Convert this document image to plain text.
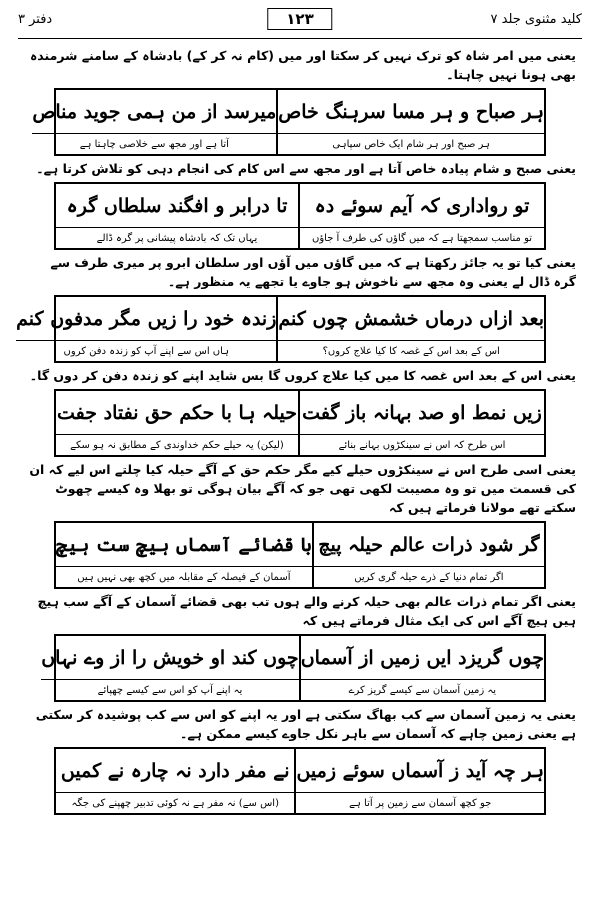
کلید مثنوی جلد ۷
۱۲۳
دفتر ۳

یعنی میں امر شاہ کو ترک نہیں کر سکتا اور میں (کام نہ کر کے) بادشاہ کے سامنے شرمندہ بھی ہونا نہیں چاہتا۔

ہر صباح و ہر مسا سرہنگ خاص
ہر صبح اور ہر شام ایک خاص سپاہی
میرسد از من ہمی جوید مناص
آتا ہے اور مجھ سے خلاصی چاہتا ہے

یعنی صبح و شام پیادہ خاص آتا ہے اور مجھ سے اس کام کی انجام دہی کو تلاش کرتا ہے۔

تو رواداری کہ آیم سوئے دہ
تو مناسب سمجھتا ہے کہ میں گاؤں کی طرف آ جاؤں
تا درابر و افگند سلطاں گرہ
یہاں تک کہ بادشاہ پیشانی پر گرہ ڈالے

یعنی کیا تو یہ جائز رکھتا ہے کہ میں گاؤں میں آؤں اور سلطان ابرو پر میری طرف سے گرہ ڈال لے یعنی وہ مجھ سے ناخوش ہو جاوے یا تجھے یہ منظور ہے۔

بعد ازاں درماں خشمش چوں کنم
اس کے بعد اس کے غصہ کا کیا علاج کروں؟
زندہ خود را زیں مگر مدفوں کنم
ہاں اس سے اپنے آپ کو زندہ دفن کروں

یعنی اس کے بعد اس غصہ کا میں کیا علاج کروں گا بس شاید اپنے کو زندہ دفن کر دوں گا۔

زیں نمط او صد بہانہ باز گفت
اس طرح کہ اس نے سینکڑوں بہانے بنائے
حیلہ ہا با حکم حق نفتاد جفت
(لیکن) یہ حیلے حکم خداوندی کے مطابق نہ ہو سکے

یعنی اسی طرح اس نے سینکڑوں حیلے کیے مگر حکم حق کے آگے حیلہ کیا چلتے اس لیے کہ ان کی قسمت میں تو وہ مصیبت لکھی تھی جو کہ آگے بیان ہوگی تو بھلا وہ کیسے چھوٹ سکتے تھے مولانا فرماتے ہیں کہ

گر شود ذرات عالم حیلہ پیچ
اگر تمام دنیا کے ذرے حیلہ گری کریں
با قضائے آسماں ہیچ ست ہیچ
آسمان کے فیصلہ کے مقابلہ میں کچھ بھی نہیں ہیں

یعنی اگر تمام ذرات عالم بھی حیلہ کرنے والے ہوں تب بھی قضائے آسمان کے آگے سب ہیچ ہیں ہیچ آگے اس کی ایک مثال فرماتے ہیں کہ

چوں گریزد ایں زمیں از آسماں
یہ زمین آسمان سے کیسے گریز کرے
چوں کند او خویش را از وے نہاں
یہ اپنے آپ کو اس سے کیسے چھپائے

یعنی یہ زمین آسمان سے کب بھاگ سکتی ہے اور یہ اپنے کو اس سے کب پوشیدہ کر سکتی ہے یعنی زمین چاہے کہ آسمان سے باہر نکل جاوے کیسے ممکن ہے۔

ہر چہ آید ز آسماں سوئے زمیں
جو کچھ آسمان سے زمین پر آتا ہے
نے مفر دارد نہ چارہ نے کمیں
(اس سے) نہ مفر ہے نہ کوئی تدبیر چھپنے کی جگہ
